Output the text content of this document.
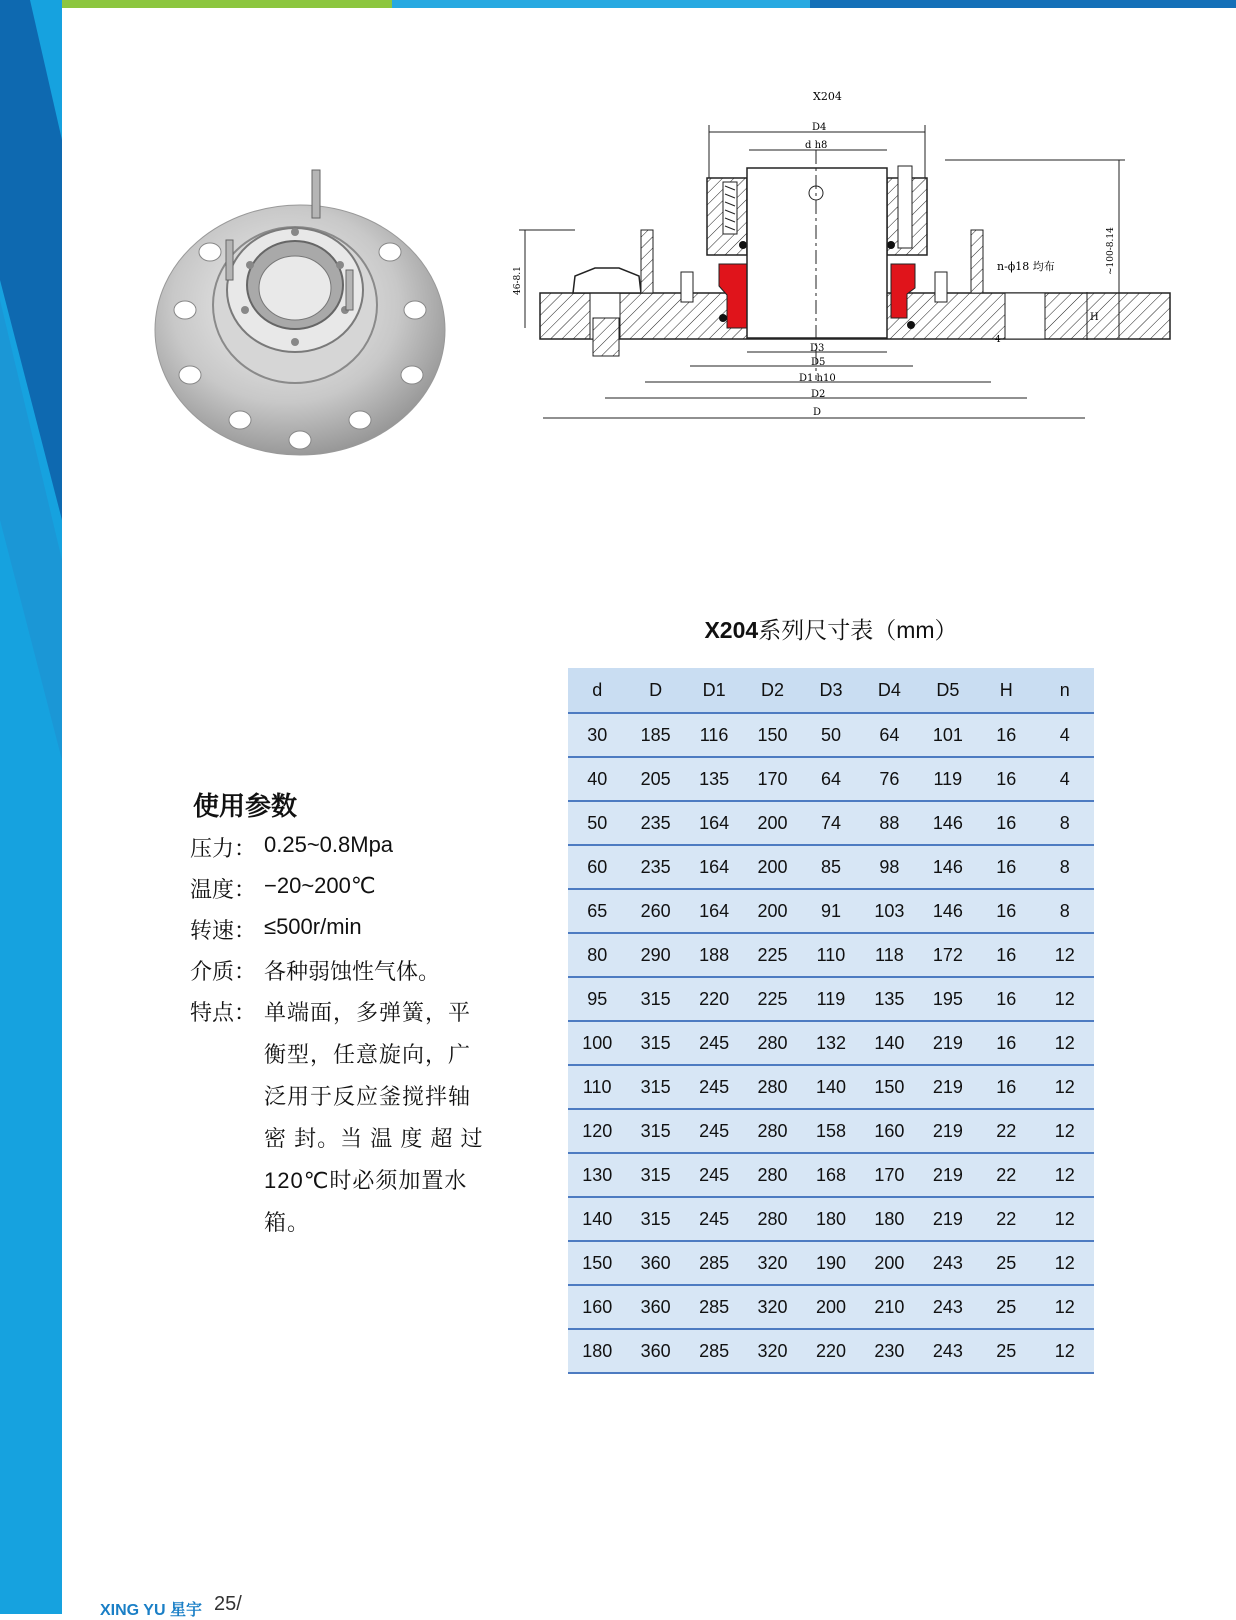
X204
D4
d h8
D3
D5
D1 h10
D2
D
H
n-ϕ18 均布
46-8.1
~100-8.14
4
X204系列尺寸表（mm）
d	D	D1	D2	D3	D4	D5	H	n
30	185	116	150	50	64	101	16	4
40	205	135	170	64	76	119	16	4
50	235	164	200	74	88	146	16	8
60	235	164	200	85	98	146	16	8
65	260	164	200	91	103	146	16	8
80	290	188	225	110	118	172	16	12
95	315	220	225	119	135	195	16	12
100	315	245	280	132	140	219	16	12
110	315	245	280	140	150	219	16	12
120	315	245	280	158	160	219	22	12
130	315	245	280	168	170	219	22	12
140	315	245	280	180	180	219	22	12
150	360	285	320	190	200	243	25	12
160	360	285	320	200	210	243	25	12
180	360	285	320	220	230	243	25	12
使用参数
压力： 0.25~0.8Mpa
温度： −20~200℃
转速： ≤500r/min
介质： 各种弱蚀性气体。
特点： 单端面，多弹簧，平
衡型，任意旋向，广
泛用于反应釜搅拌轴
密 封。当 温 度 超 过
120℃时必须加置水
箱。
XING YU 星宇 25/
